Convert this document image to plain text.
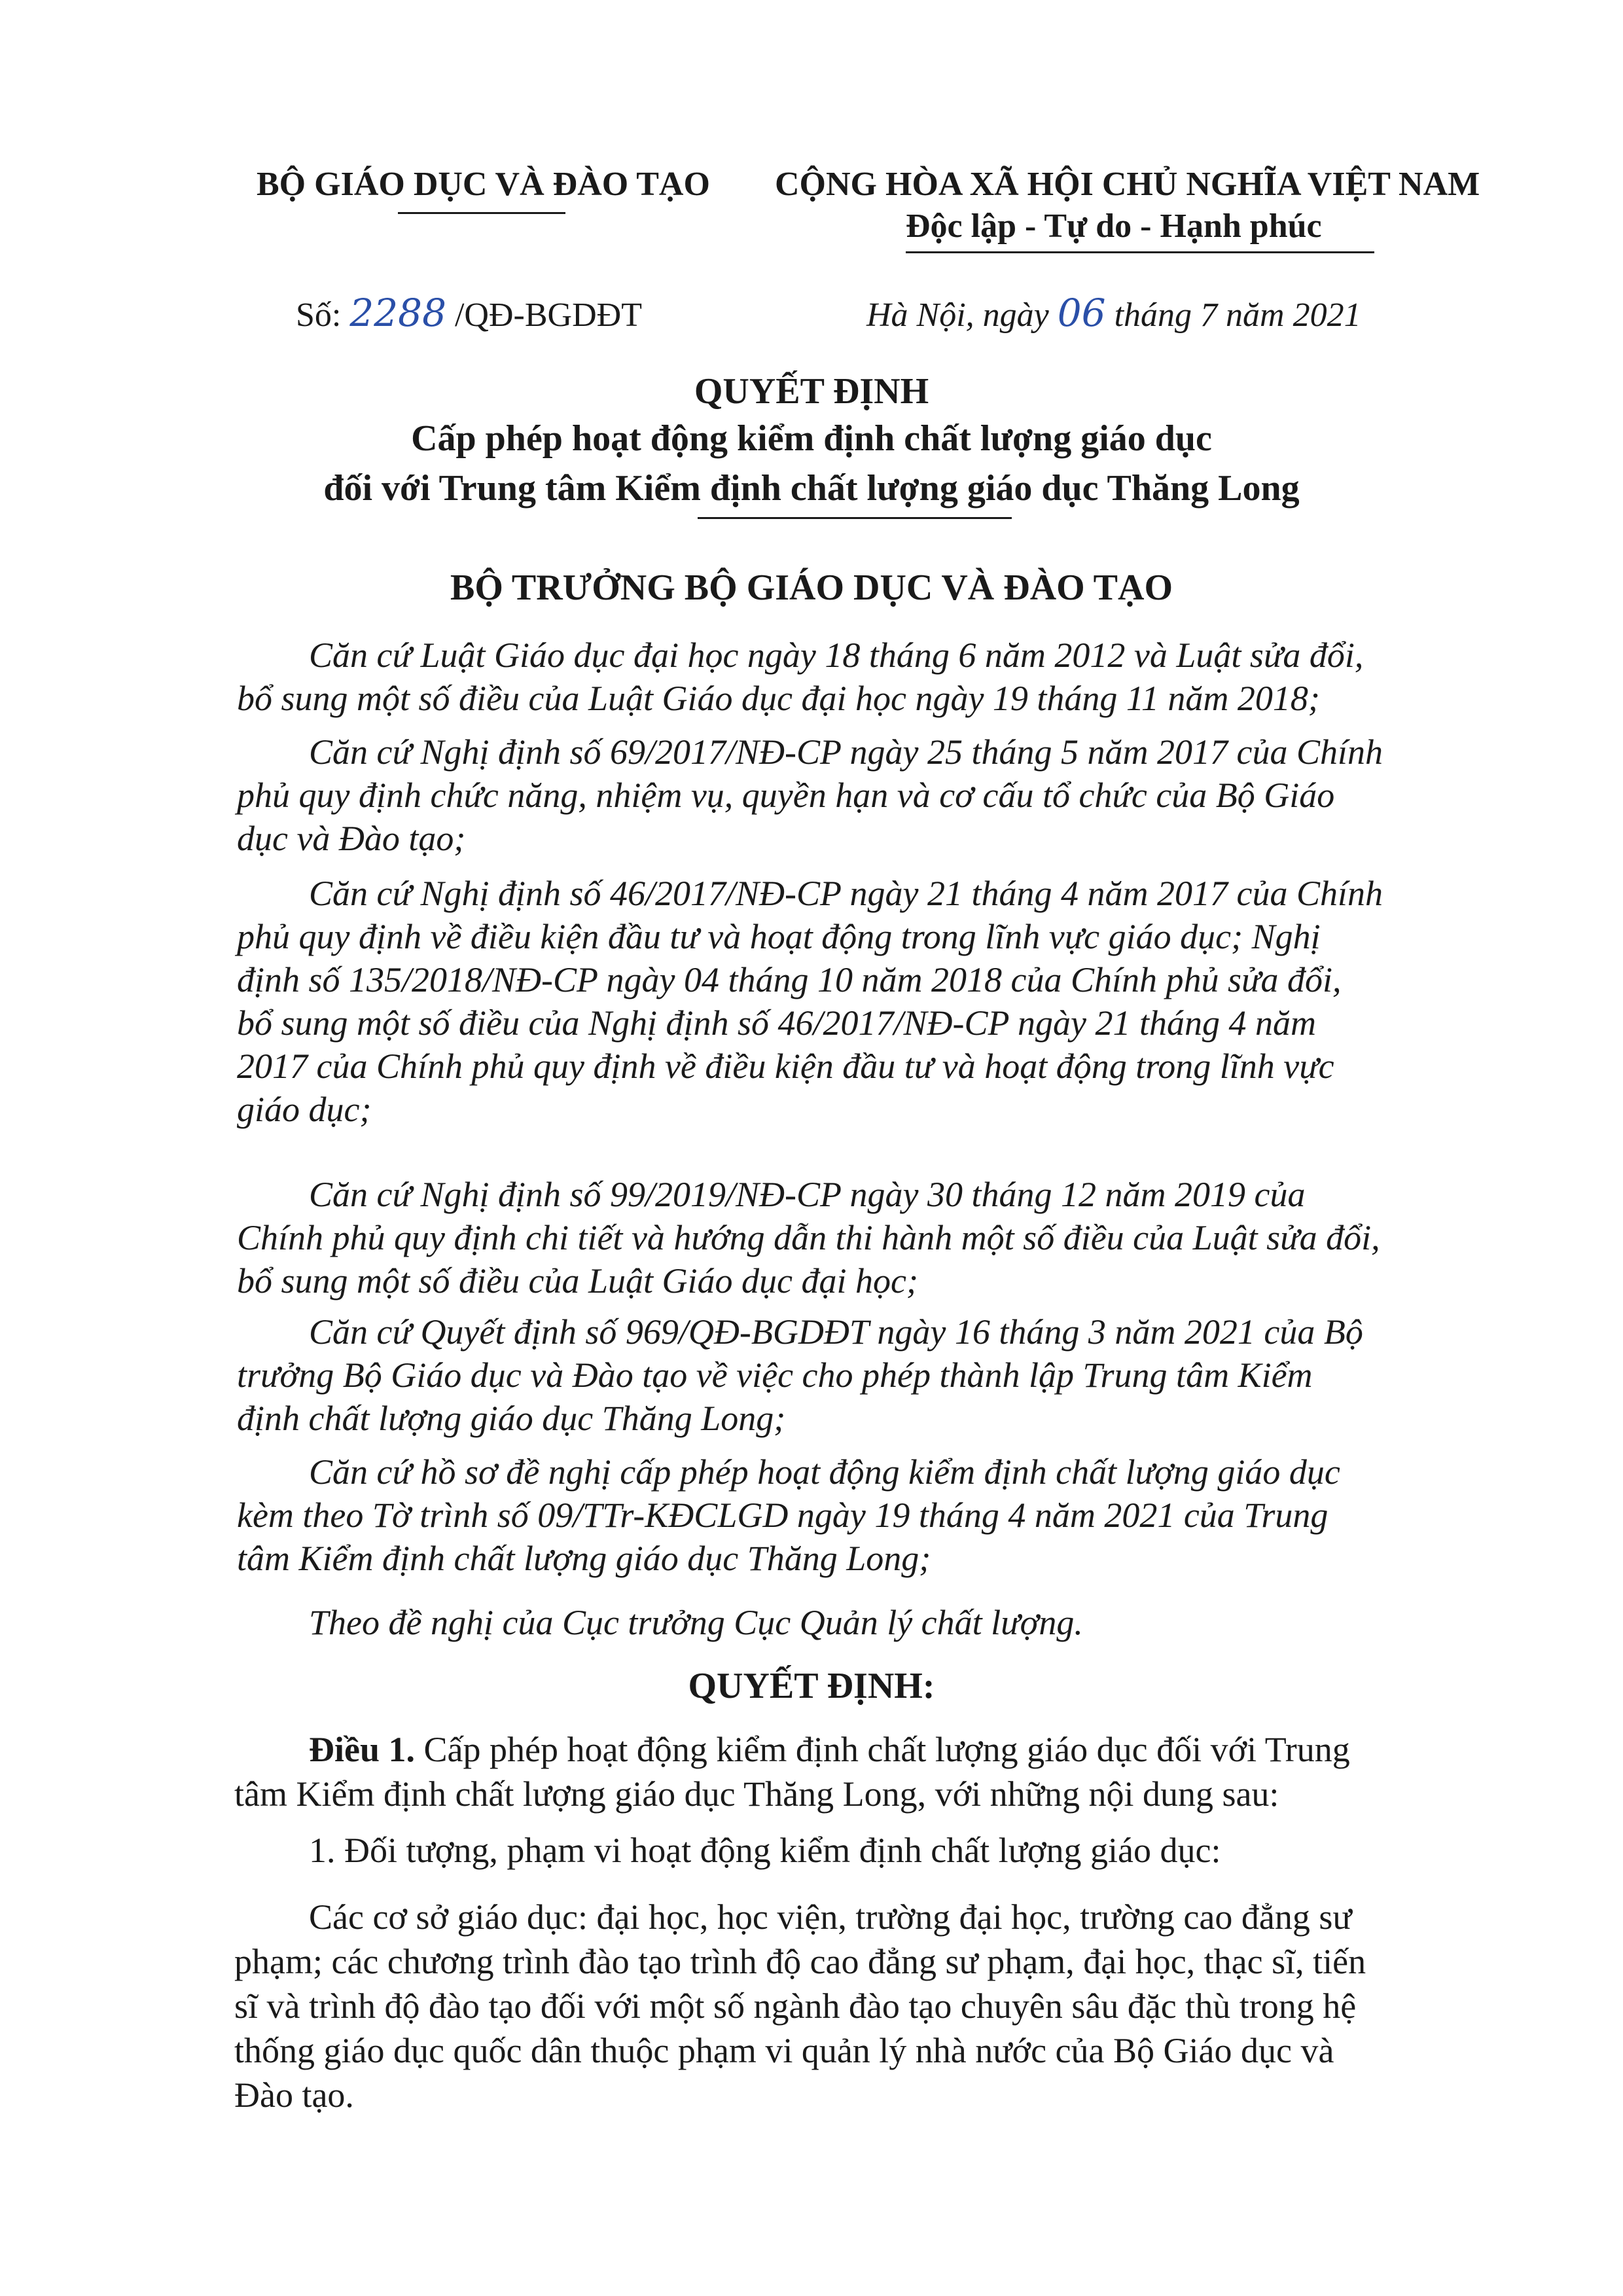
BỘ GIÁO DỤC VÀ ĐÀO TẠO CỘNG HÒA XÃ HỘI CHỦ NGHĨA VIỆT NAM
Độc lập - Tự do - Hạnh phúc
Số: 2288 /QĐ-BGDĐT	Hà Nội, ngày 06 tháng 7 năm 2021
QUYẾT ĐỊNH
Cấp phép hoạt động kiểm định chất lượng giáo dục
đối với Trung tâm Kiểm định chất lượng giáo dục Thăng Long
BỘ TRƯỞNG BỘ GIÁO DỤC VÀ ĐÀO TẠO
Căn cứ Luật Giáo dục đại học ngày 18 tháng 6 năm 2012 và Luật sửa đổi,
bổ sung một số điều của Luật Giáo dục đại học ngày 19 tháng 11 năm 2018;
Căn cứ Nghị định số 69/2017/NĐ-CP ngày 25 tháng 5 năm 2017 của Chính
phủ quy định chức năng, nhiệm vụ, quyền hạn và cơ cấu tổ chức của Bộ Giáo
dục và Đào tạo;
Căn cứ Nghị định số 46/2017/NĐ-CP ngày 21 tháng 4 năm 2017 của Chính
phủ quy định về điều kiện đầu tư và hoạt động trong lĩnh vực giáo dục; Nghị
định số 135/2018/NĐ-CP ngày 04 tháng 10 năm 2018 của Chính phủ sửa đổi,
bổ sung một số điều của Nghị định số 46/2017/NĐ-CP ngày 21 tháng 4 năm
2017 của Chính phủ quy định về điều kiện đầu tư và hoạt động trong lĩnh vực
giáo dục;
Căn cứ Nghị định số 99/2019/NĐ-CP ngày 30 tháng 12 năm 2019 của
Chính phủ quy định chi tiết và hướng dẫn thi hành một số điều của Luật sửa đổi,
bổ sung một số điều của Luật Giáo dục đại học;
Căn cứ Quyết định số 969/QĐ-BGDĐT ngày 16 tháng 3 năm 2021 của Bộ
trưởng Bộ Giáo dục và Đào tạo về việc cho phép thành lập Trung tâm Kiểm
định chất lượng giáo dục Thăng Long;
Căn cứ hồ sơ đề nghị cấp phép hoạt động kiểm định chất lượng giáo dục
kèm theo Tờ trình số 09/TTr-KĐCLGD ngày 19 tháng 4 năm 2021 của Trung
tâm Kiểm định chất lượng giáo dục Thăng Long;
Theo đề nghị của Cục trưởng Cục Quản lý chất lượng.
QUYẾT ĐỊNH:
Điều 1. Cấp phép hoạt động kiểm định chất lượng giáo dục đối với Trung
tâm Kiểm định chất lượng giáo dục Thăng Long, với những nội dung sau:
1. Đối tượng, phạm vi hoạt động kiểm định chất lượng giáo dục:
Các cơ sở giáo dục: đại học, học viện, trường đại học, trường cao đẳng sư
phạm; các chương trình đào tạo trình độ cao đẳng sư phạm, đại học, thạc sĩ, tiến
sĩ và trình độ đào tạo đối với một số ngành đào tạo chuyên sâu đặc thù trong hệ
thống giáo dục quốc dân thuộc phạm vi quản lý nhà nước của Bộ Giáo dục và
Đào tạo.
